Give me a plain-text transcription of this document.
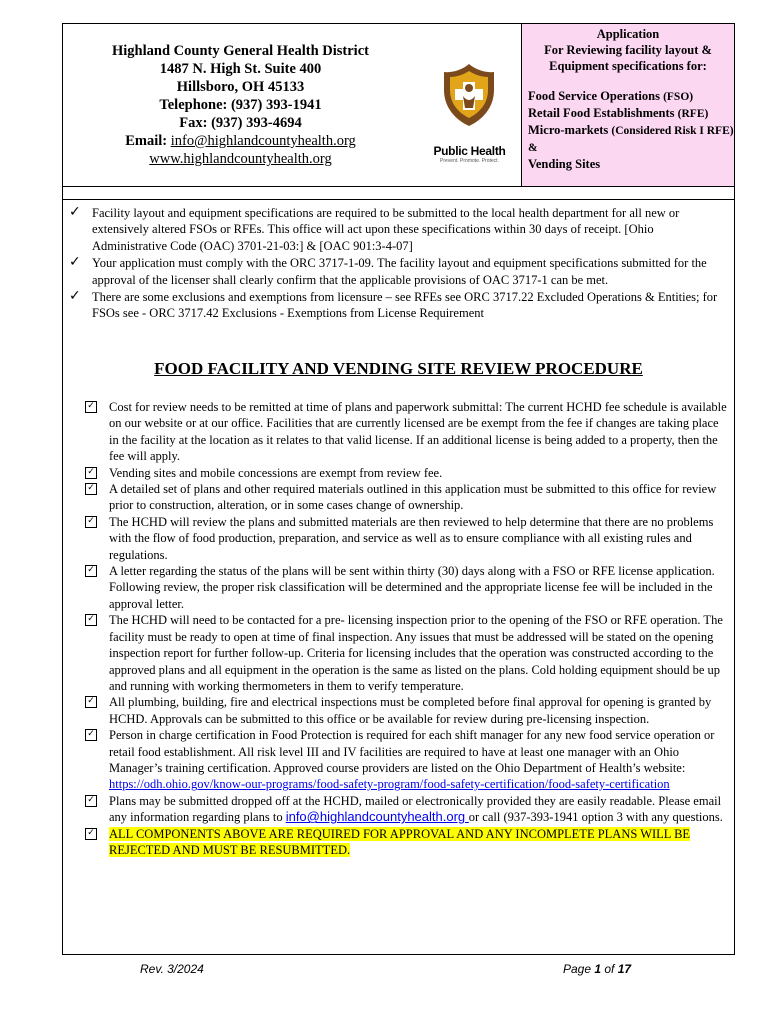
Highland County General Health District
1487 N. High St. Suite 400
Hillsboro, OH 45133
Telephone: (937) 393-1941
Fax: (937) 393-4694
Email: info@highlandcountyhealth.org
www.highlandcountyhealth.org	Public Health
Prevent. Promote. Protect.
Application
For Reviewing facility layout &
Equipment specifications for:
Food Service Operations (FSO)
Retail Food Establishments (RFE)
Micro-markets (Considered Risk I RFE) &
Vending Sites
✓ Facility layout and equipment specifications are required to be submitted to the local health department for all new or extensively altered FSOs or RFEs. This office will act upon these specifications within 30 days of receipt. [Ohio Administrative Code (OAC) 3701-21-03:] & [OAC 901:3-4-07]
✓ Your application must comply with the ORC 3717-1-09. The facility layout and equipment specifications submitted for the approval of the licenser shall clearly confirm that the applicable provisions of OAC 3717-1 can be met.
✓ There are some exclusions and exemptions from licensure – see RFEs see ORC 3717.22 Excluded Operations & Entities; for FSOs see - ORC 3717.42 Exclusions - Exemptions from License Requirement
FOOD FACILITY AND VENDING SITE REVIEW PROCEDURE
✓ Cost for review needs to be remitted at time of plans and paperwork submittal: The current HCHD fee schedule is available on our website or at our office. Facilities that are currently licensed are be exempt from the fee if changes are taking place in the facility at the location as it relates to that valid license. If an additional license is being added to a property, then the fee will apply.
✓ Vending sites and mobile concessions are exempt from review fee.
✓ A detailed set of plans and other required materials outlined in this application must be submitted to this office for review prior to construction, alteration, or in some cases change of ownership.
✓ The HCHD will review the plans and submitted materials are then reviewed to help determine that there are no problems with the flow of food production, preparation, and service as well as to ensure compliance with all existing rules and regulations.
✓ A letter regarding the status of the plans will be sent within thirty (30) days along with a FSO or RFE license application. Following review, the proper risk classification will be determined and the appropriate license fee will be included in the approval letter.
✓ The HCHD will need to be contacted for a pre- licensing inspection prior to the opening of the FSO or RFE operation. The facility must be ready to open at time of final inspection. Any issues that must be addressed will be stated on the opening inspection report for further follow-up. Criteria for licensing includes that the operation was constructed according to the approved plans and all equipment in the operation is the same as listed on the plans. Cold holding equipment should be up and running with working thermometers in them to verify temperature.
✓ All plumbing, building, fire and electrical inspections must be completed before final approval for opening is granted by HCHD. Approvals can be submitted to this office or be available for review during pre-licensing inspection.
✓ Person in charge certification in Food Protection is required for each shift manager for any new food service operation or retail food establishment. All risk level III and IV facilities are required to have at least one manager with an Ohio Manager’s training certification. Approved course providers are listed on the Ohio Department of Health’s website: https://odh.ohio.gov/know-our-programs/food-safety-program/food-safety-certification/food-safety-certification
✓ Plans may be submitted dropped off at the HCHD, mailed or electronically provided they are easily readable. Please email any information regarding plans to info@highlandcountyhealth.org or call (937-393-1941 option 3 with any questions.
✓ ALL COMPONENTS ABOVE ARE REQUIRED FOR APPROVAL AND ANY INCOMPLETE PLANS WILL BE REJECTED AND MUST BE RESUBMITTED.
Rev. 3/2024	Page 1 of 17
